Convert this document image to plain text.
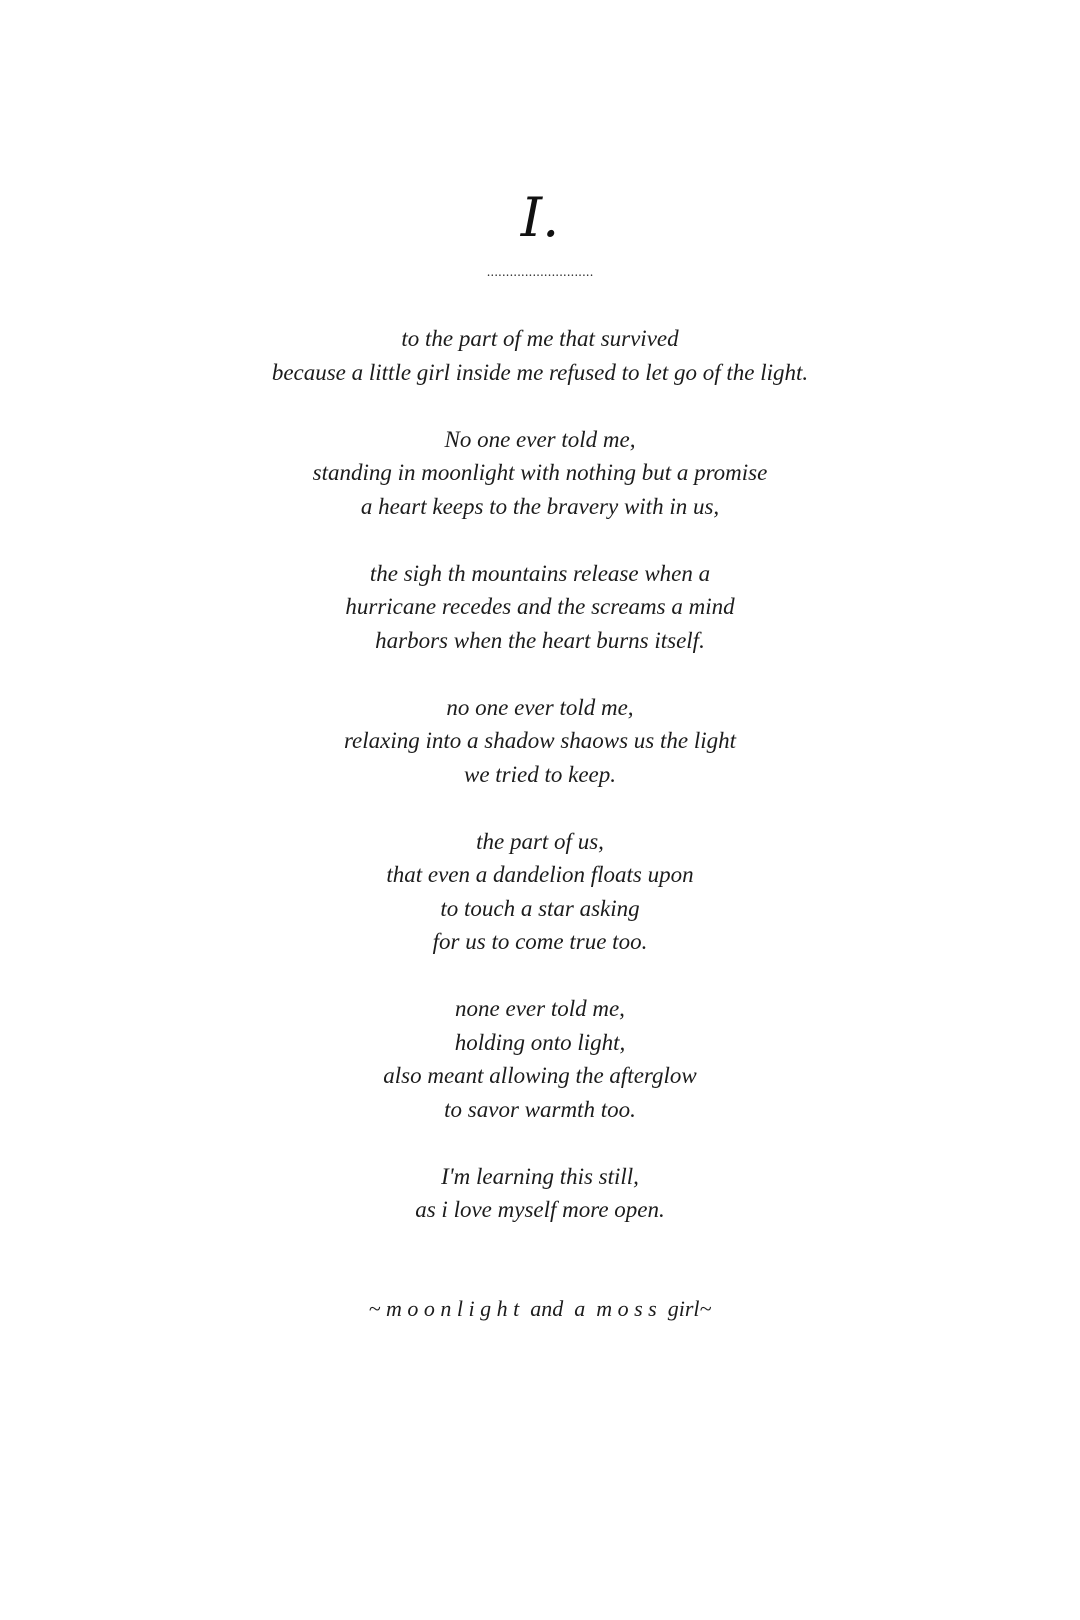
I.
............................
to the part of me that survived
because a little girl inside me refused to let go of the light.
No one ever told me,
standing in moonlight with nothing but a promise
a heart keeps to the bravery with in us,
the sigh th mountains release when a
hurricane recedes and the screams a mind
harbors when the heart burns itself.
no one ever told me,
relaxing into a shadow shaows us the light
we tried to keep.
the part of us,
that even a dandelion floats upon
to touch a star asking
for us to come true too.
none ever told me,
holding onto light,
also meant allowing the afterglow
to savor warmth too.
I'm learning this still,
as i love myself more open.
~ m o o n l i g h t  and  a  m o s s  girl~
